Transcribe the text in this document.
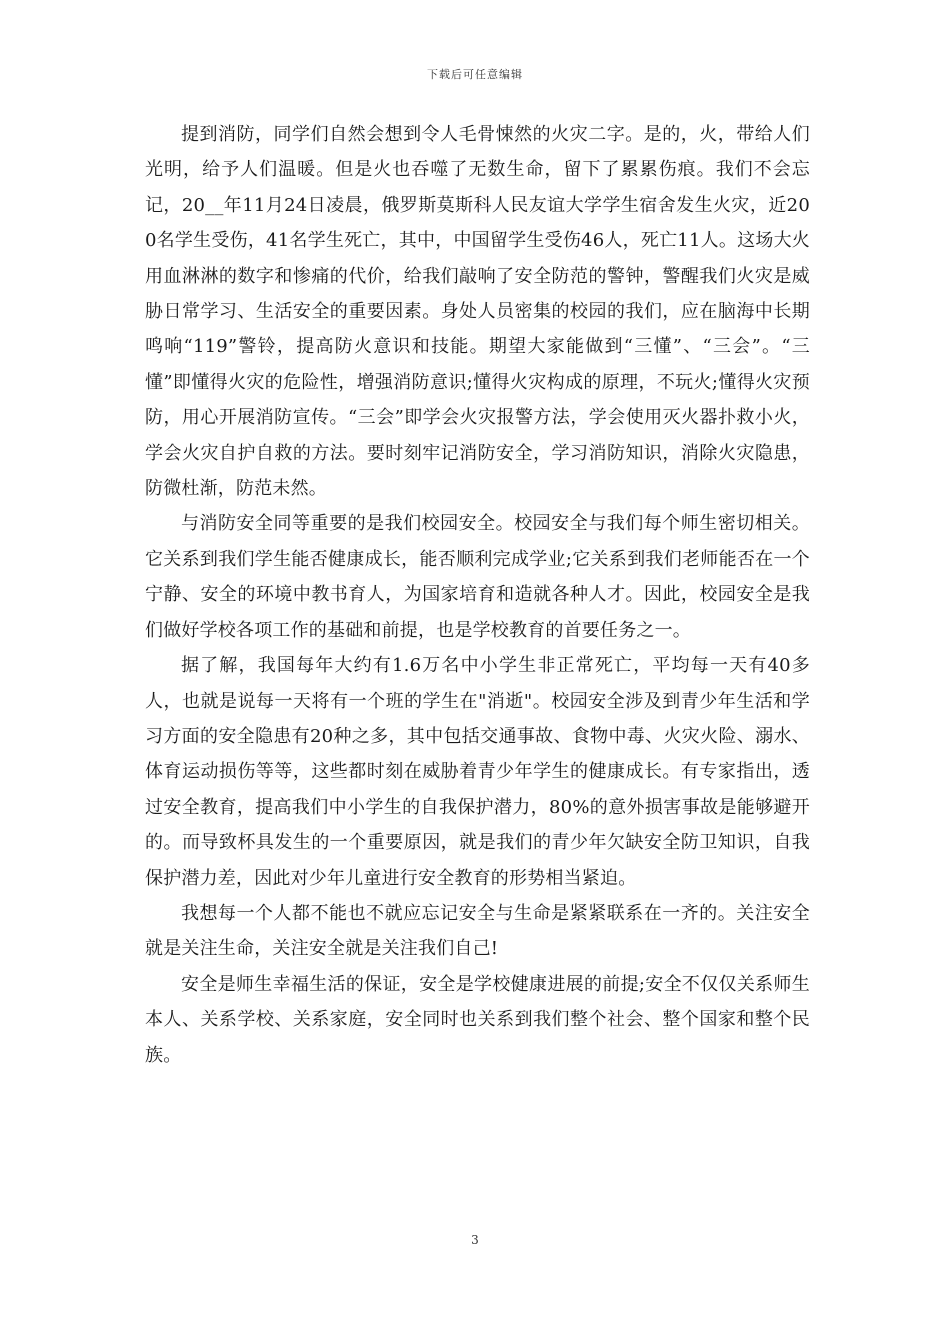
下载后可任意编辑

提到消防，同学们自然会想到令人毛骨悚然的火灾二字。是的，火，带给人们光明，给予人们温暖。但是火也吞噬了无数生命，留下了累累伤痕。我们不会忘记，20__年11月24日凌晨，俄罗斯莫斯科人民友谊大学学生宿舍发生火灾，近200名学生受伤，41名学生死亡，其中，中国留学生受伤46人，死亡11人。这场大火用血淋淋的数字和惨痛的代价，给我们敲响了安全防范的警钟，警醒我们火灾是威胁日常学习、生活安全的重要因素。身处人员密集的校园的我们，应在脑海中长期鸣响“119”警铃，提高防火意识和技能。期望大家能做到“三懂”、“三会”。“三懂”即懂得火灾的危险性，增强消防意识;懂得火灾构成的原理，不玩火;懂得火灾预防，用心开展消防宣传。“三会”即学会火灾报警方法，学会使用灭火器扑救小火，学会火灾自护自救的方法。要时刻牢记消防安全，学习消防知识，消除火灾隐患，防微杜渐，防范未然。

与消防安全同等重要的是我们校园安全。校园安全与我们每个师生密切相关。它关系到我们学生能否健康成长，能否顺利完成学业;它关系到我们老师能否在一个宁静、安全的环境中教书育人，为国家培育和造就各种人才。因此，校园安全是我们做好学校各项工作的基础和前提，也是学校教育的首要任务之一。

据了解，我国每年大约有1.6万名中小学生非正常死亡，平均每一天有40多人，也就是说每一天将有一个班的学生在"消逝"。校园安全涉及到青少年生活和学习方面的安全隐患有20种之多，其中包括交通事故、食物中毒、火灾火险、溺水、体育运动损伤等等，这些都时刻在威胁着青少年学生的健康成长。有专家指出，透过安全教育，提高我们中小学生的自我保护潜力，80%的意外损害事故是能够避开的。而导致杯具发生的一个重要原因，就是我们的青少年欠缺安全防卫知识，自我保护潜力差，因此对少年儿童进行安全教育的形势相当紧迫。

我想每一个人都不能也不就应忘记安全与生命是紧紧联系在一齐的。关注安全就是关注生命，关注安全就是关注我们自己!

安全是师生幸福生活的保证，安全是学校健康进展的前提;安全不仅仅关系师生本人、关系学校、关系家庭，安全同时也关系到我们整个社会、整个国家和整个民族。

3
